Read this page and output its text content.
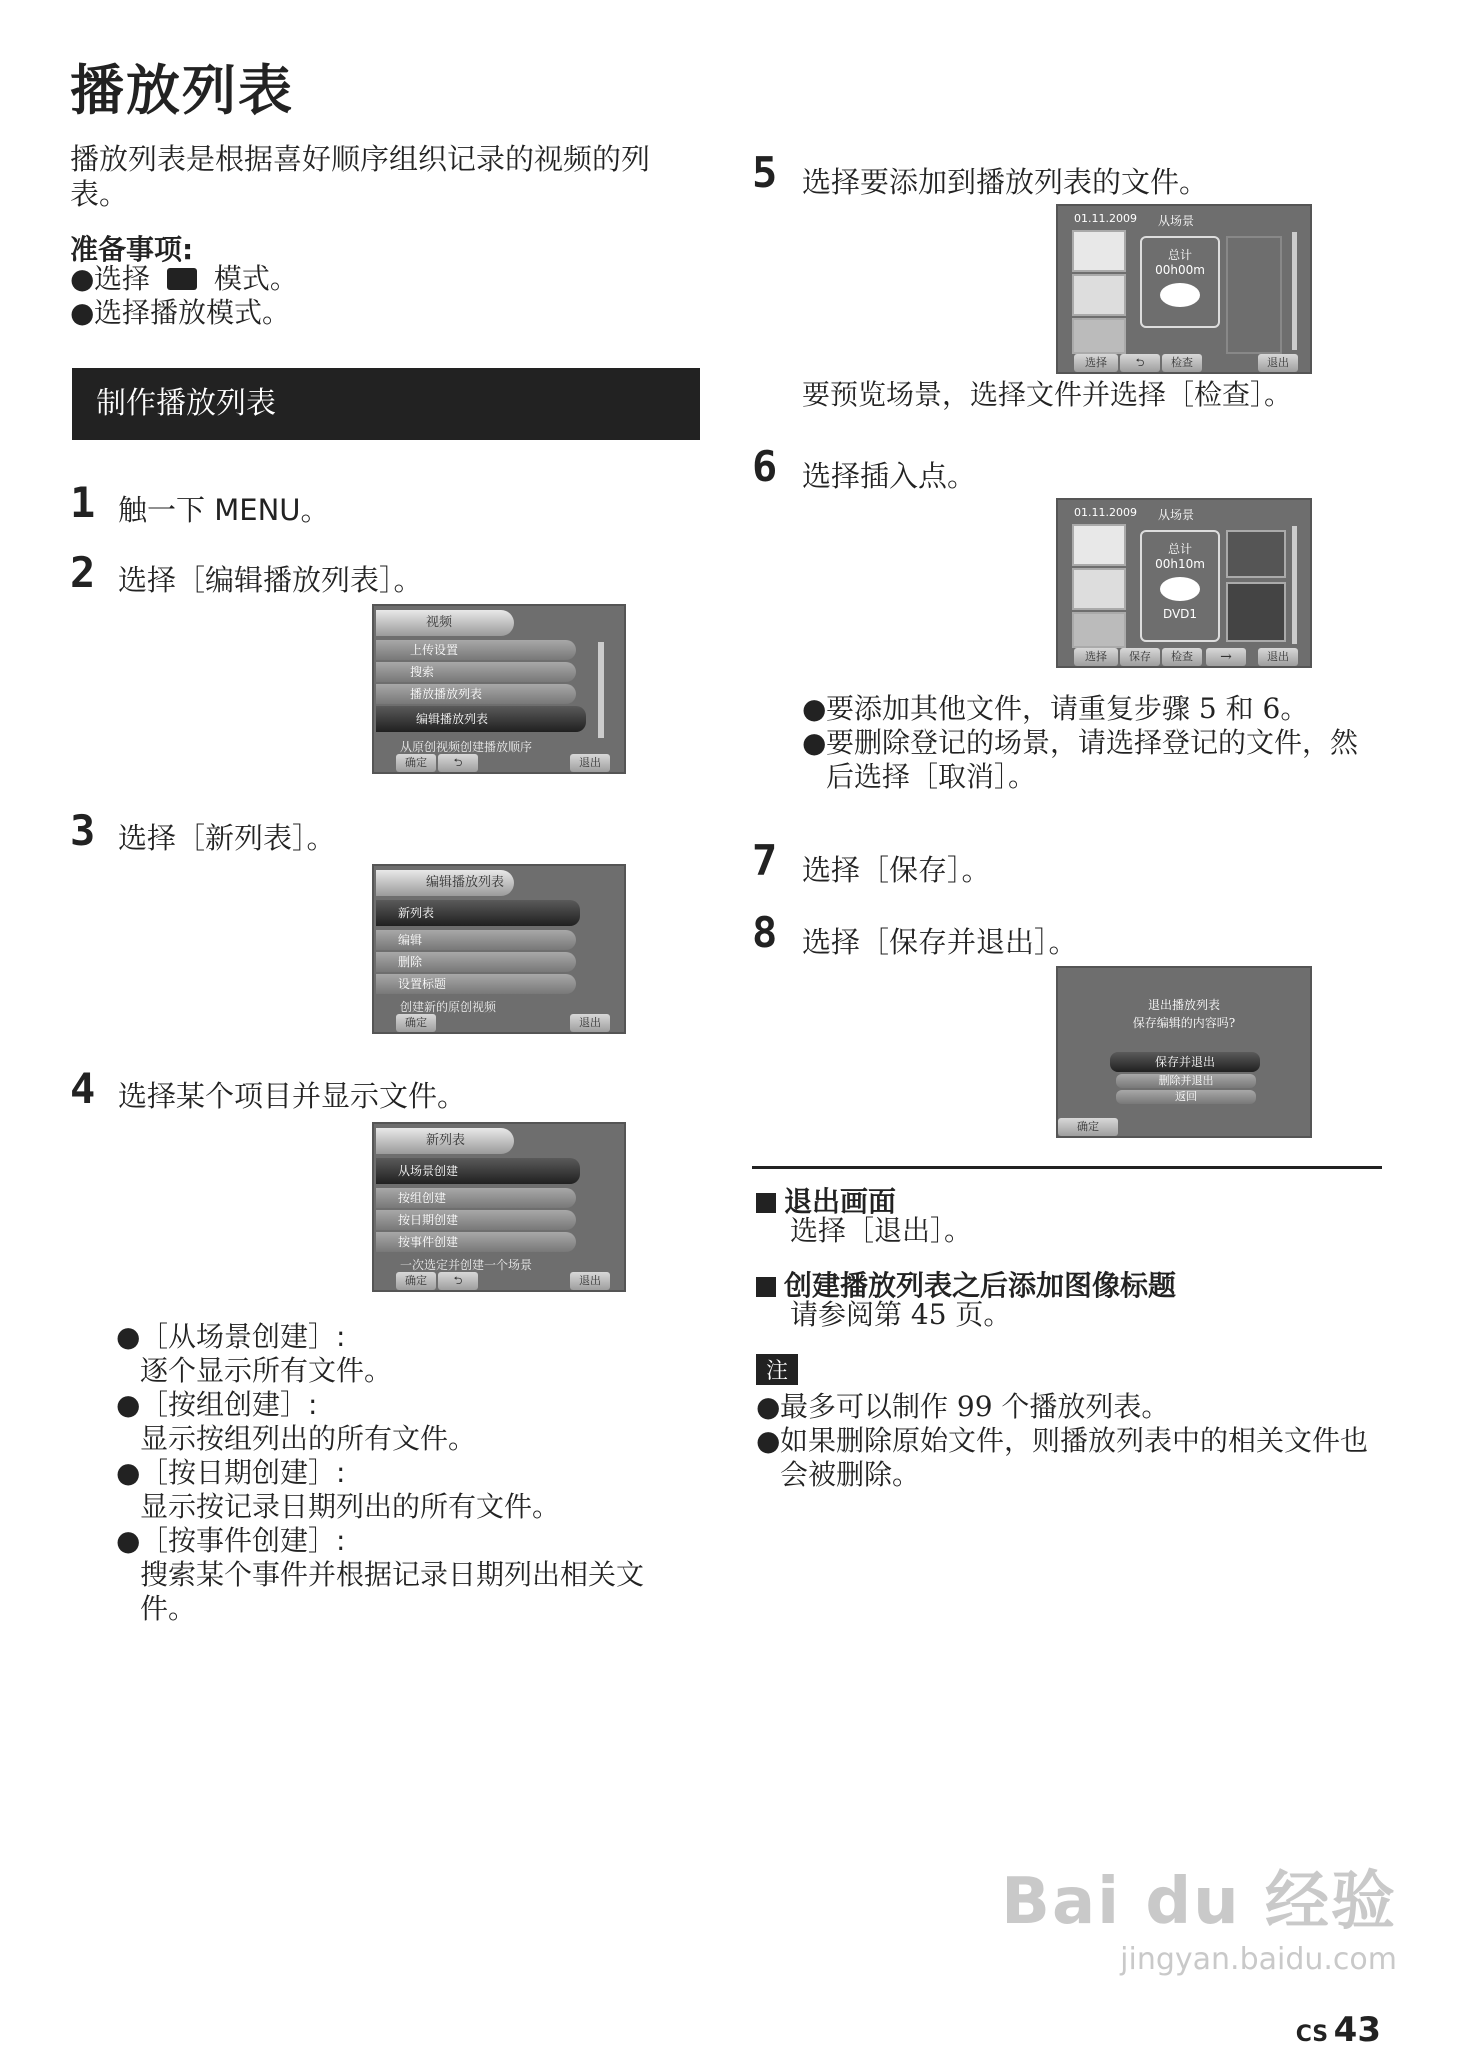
播放列表
播放列表是根据喜好顺序组织记录的视频的列表。
准备事项:
●选择 模式。
●选择播放模式。
制作播放列表
1 触一下 MENU。
2 选择［编辑播放列表］。
视频
上传设置
搜索
播放播放列表
编辑播放列表
从原创视频创建播放顺序
确定	⮌	退出
3 选择［新列表］。
编辑播放列表
新列表
编辑
删除
设置标题
创建新的原创视频
确定	退出
4 选择某个项目并显示文件。
新列表
从场景创建
按组创建
按日期创建
按事件创建
一次选定并创建一个场景
确定	⮌	退出
●［从场景创建］:
逐个显示所有文件。
●［按组创建］:
显示按组列出的所有文件。
●［按日期创建］:
显示按记录日期列出的所有文件。
●［按事件创建］:
搜索某个事件并根据记录日期列出相关文件。
5 选择要添加到播放列表的文件。
01.11.2009 从场景
总计
00h00m
选择	⮌	检查	退出
要预览场景，选择文件并选择［检查］。
6 选择插入点。
01.11.2009 从场景
总计
00h10m
DVD1
选择	保存	检查	→	退出
●要添加其他文件，请重复步骤 5 和 6。
●要删除登记的场景，请选择登记的文件，然后选择［取消］。
7 选择［保存］。
8 选择［保存并退出］。
退出播放列表
保存编辑的内容吗?
保存并退出
删除并退出
返回
确定
退出画面
选择［退出］。
创建播放列表之后添加图像标题
请参阅第 45 页。
注
●最多可以制作 99 个播放列表。
●如果删除原始文件，则播放列表中的相关文件也会被删除。
Bai du 经验
jingyan.baidu.com
CS 43
